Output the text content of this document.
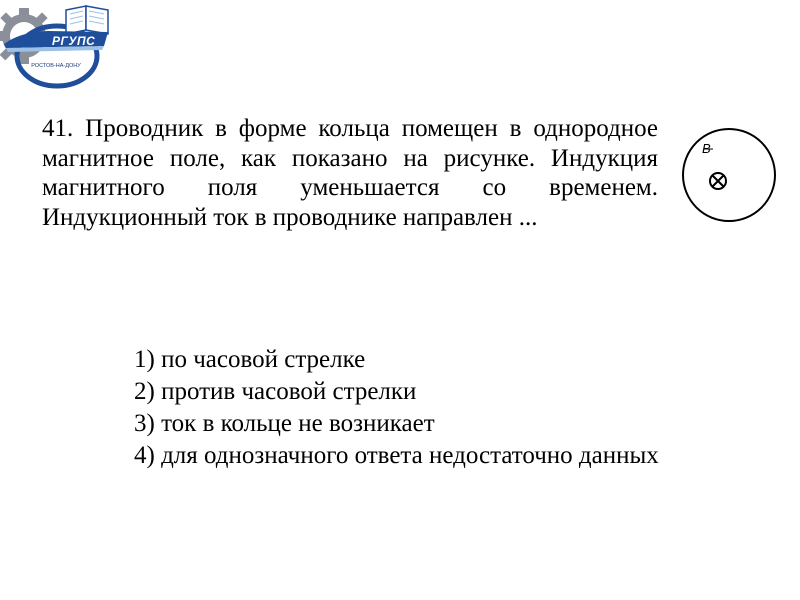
РГУПС
РОСТОВ-НА-ДОНУ

41. Проводник в форме кольца помещен в однородное магнитное поле, как показано на рисунке. Индукция магнитного поля уменьшается со временем. Индукционный ток в проводнике направлен ...

B

1) по часовой стрелке

2) против часовой стрелки

3) ток в кольце не возникает

4) для однозначного ответа недостаточно данных
